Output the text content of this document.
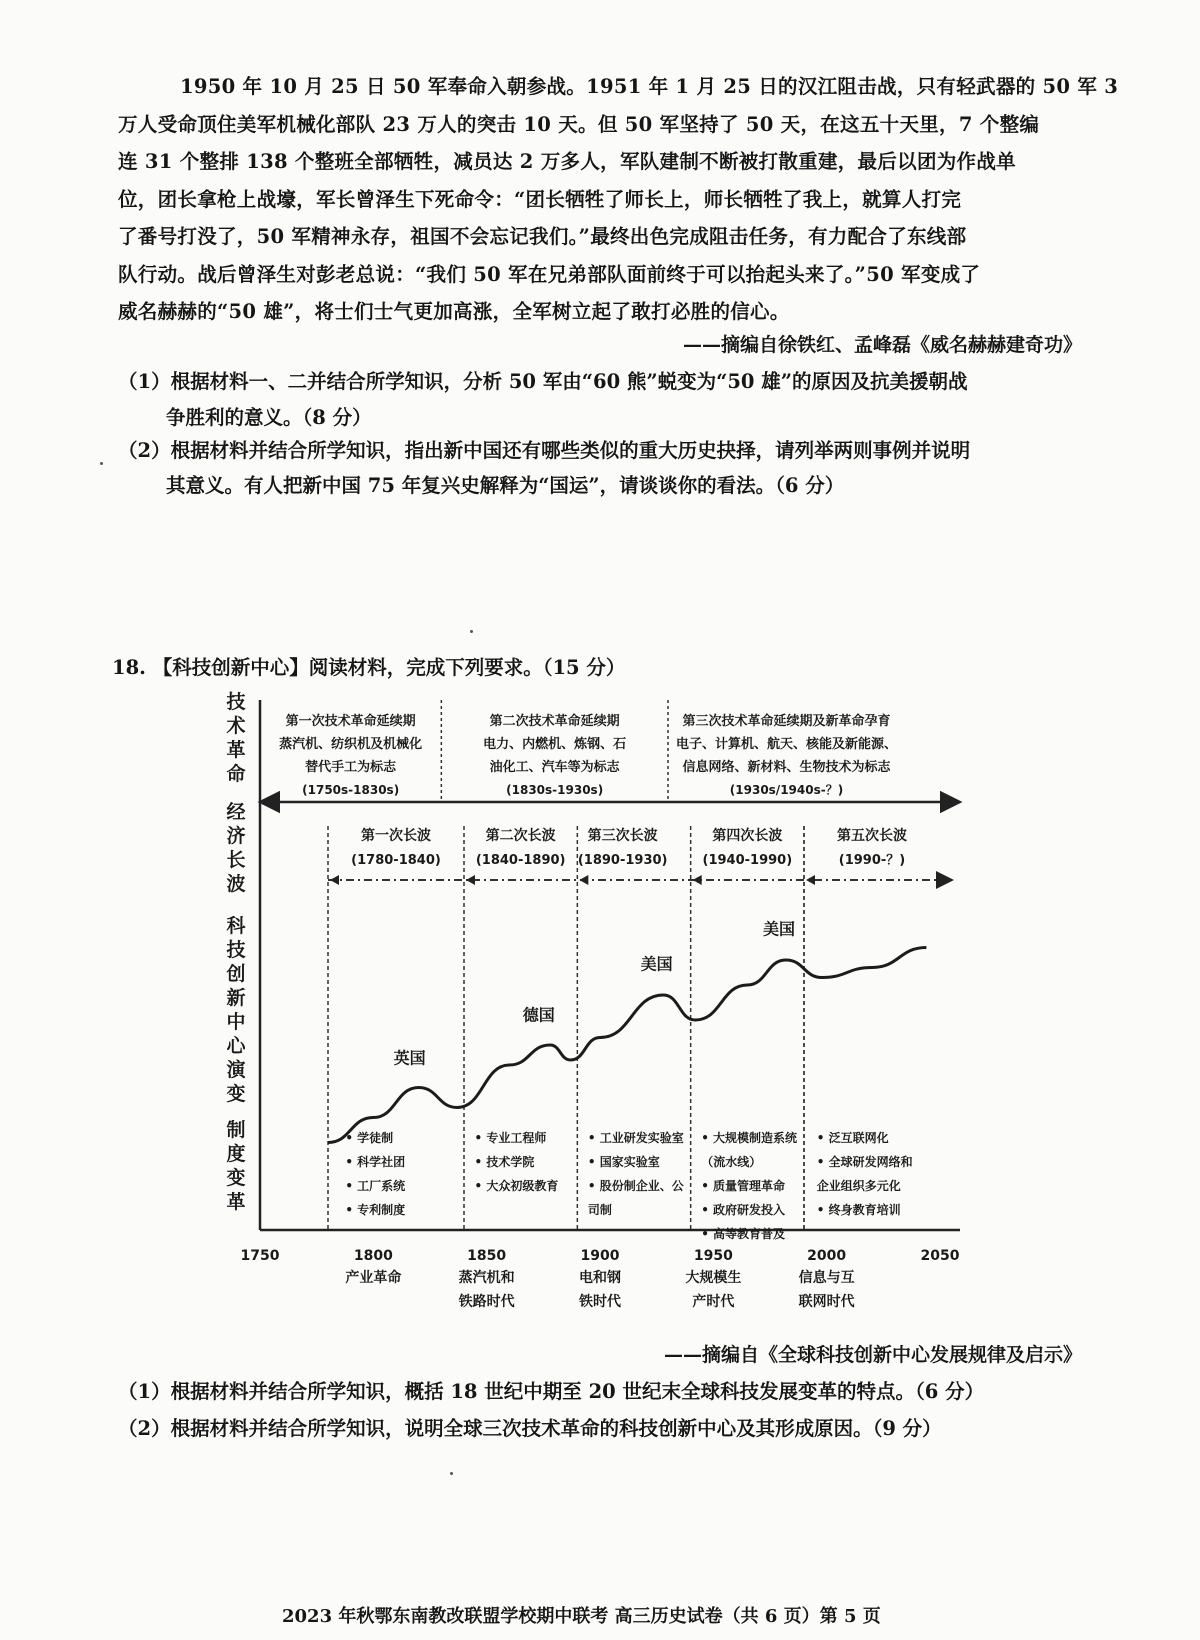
1950 年 10 月 25 日 50 军奉命入朝参战。1951 年 1 月 25 日的汉江阻击战，只有轻武器的 50 军 3
万人受命顶住美军机械化部队 23 万人的突击 10 天。但 50 军坚持了 50 天，在这五十天里，7 个整编
连 31 个整排 138 个整班全部牺牲，减员达 2 万多人，军队建制不断被打散重建，最后以团为作战单
位，团长拿枪上战壕，军长曾泽生下死命令：“团长牺牲了师长上，师长牺牲了我上，就算人打完
了番号打没了，50 军精神永存，祖国不会忘记我们。”最终出色完成阻击任务，有力配合了东线部
队行动。战后曾泽生对彭老总说：“我们 50 军在兄弟部队面前终于可以抬起头来了。”50 军变成了
威名赫赫的“50 雄”，将士们士气更加高涨，全军树立起了敢打必胜的信心。
——摘编自徐铁红、孟峰磊《威名赫赫建奇功》
（1）根据材料一、二并结合所学知识，分析 50 军由“60 熊”蜕变为“50 雄”的原因及抗美援朝战
争胜利的意义。（8 分）
（2）根据材料并结合所学知识，指出新中国还有哪些类似的重大历史抉择，请列举两则事例并说明
其意义。有人把新中国 75 年复兴史解释为“国运”，请谈谈你的看法。（6 分）
18. 【科技创新中心】阅读材料，完成下列要求。（15 分）
技
术
革
命
经
济
长
波
科
技
创
新
中
心
演
变
制
度
变
革
第一次技术革命延续期
蒸汽机、纺织机及机械化
替代手工为标志
(1750s-1830s)
第二次技术革命延续期
电力、内燃机、炼钢、石
油化工、汽车等为标志
(1830s-1930s)
第三次技术革命延续期及新革命孕育
电子、计算机、航天、核能及新能源、
信息网络、新材料、生物技术为标志
(1930s/1940s-？)
第一次长波
(1780-1840)
第二次长波
(1840-1890)
第三次长波
(1890-1930)
第四次长波
(1940-1990)
第五次长波
(1990-？)
1750	1800	1850	1900	1950	2000	2050
产业革命	蒸汽机和
铁路时代
电和钢
铁时代
大规模生
产时代
信息与互
联网时代
英国
德国
美国
美国
• 学徒制
• 科学社团
• 工厂系统
• 专利制度
• 专业工程师
• 技术学院
• 大众初级教育
• 工业研发实验室
• 国家实验室
• 股份制企业、公
司制
• 大规模制造系统
（流水线）
• 质量管理革命
• 政府研发投入
• 高等教育普及
• 泛互联网化
• 全球研发网络和
企业组织多元化
• 终身教育培训
——摘编自《全球科技创新中心发展规律及启示》
（1）根据材料并结合所学知识，概括 18 世纪中期至 20 世纪末全球科技发展变革的特点。（6 分）
（2）根据材料并结合所学知识，说明全球三次技术革命的科技创新中心及其形成原因。（9 分）
2023 年秋鄂东南教改联盟学校期中联考 高三历史试卷（共 6 页）第 5 页
